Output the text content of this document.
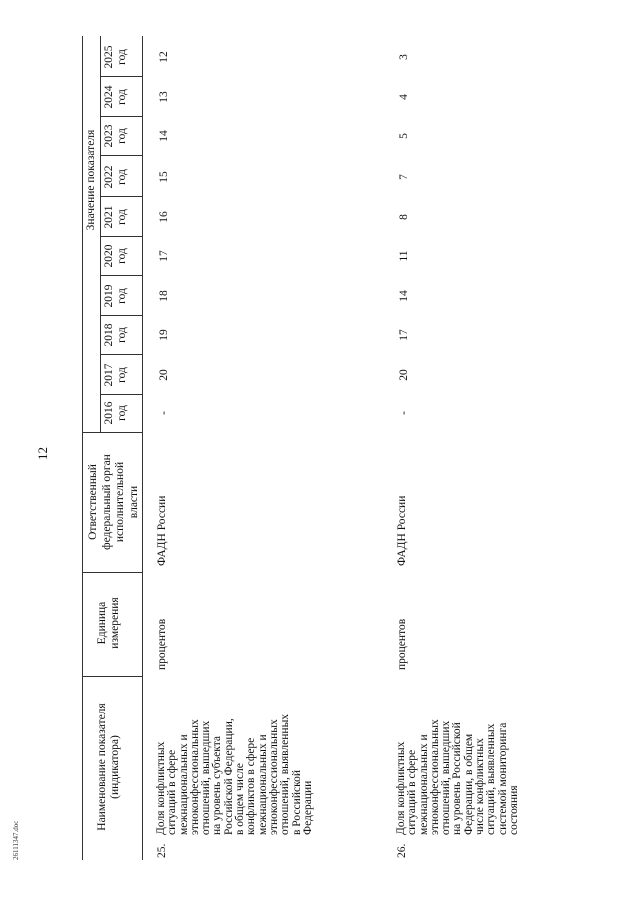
12
26111347.doc
Значение показателя
2016 год
2017 год
2018 год
2019 год
2020 год
2021 год
2022 год
2023 год
2024 год
2025 год
Ответственный федеральный орган исполнительной власти
Единица измерения
Наименование показателя (индикатора)
25.
Доля конфликтных ситуаций в сфере межнациональных и этноконфессиональных отношений, вышедших на уровень субъекта Российской Федерации, в общем числе конфликтов в сфере межнациональных и этноконфессиональных отношений, выявленных в Российской Федерации
процентов
ФАДН России
-
20
19
18
17
16
15
14
13
12
26.
Доля конфликтных ситуаций в сфере межнациональных и этноконфессиональных отношений, вышедших на уровень Российской Федерации, в общем числе конфликтных ситуаций, выявленных системой мониторинга состояния
процентов
ФАДН России
-
20
17
14
11
8
7
5
4
3
